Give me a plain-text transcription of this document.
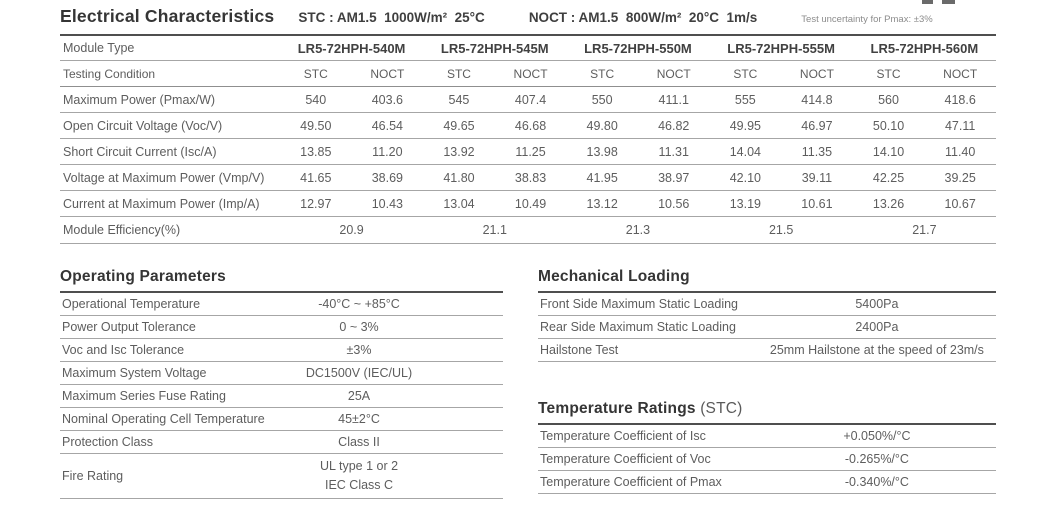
Electrical Characteristics STC : AM1.5  1000W/m²  25°C	NOCT : AM1.5  800W/m²  20°C  1m/s	Test uncertainty for Pmax: ±3%
Module Type	LR5-72HPH-540M		LR5-72HPH-545M		LR5-72HPH-550M		LR5-72HPH-555M		LR5-72HPH-560M	
Testing Condition	STC	NOCT	STC	NOCT	STC	NOCT	STC	NOCT	STC	NOCT
Maximum Power (Pmax/W)	540	403.6	545	407.4	550	411.1	555	414.8	560	418.6
Open Circuit Voltage (Voc/V)	49.50	46.54	49.65	46.68	49.80	46.82	49.95	46.97	50.10	47.11
Short Circuit Current (Isc/A)	13.85	11.20	13.92	11.25	13.98	11.31	14.04	11.35	14.10	11.40
Voltage at Maximum Power (Vmp/V)	41.65	38.69	41.80	38.83	41.95	38.97	42.10	39.11	42.25	39.25
Current at Maximum Power (Imp/A)	12.97	10.43	13.04	10.49	13.12	10.56	13.19	10.61	13.26	10.67
Module Efficiency(%)	20.9		21.1		21.3		21.5		21.7	
Operating Parameters
Operational Temperature	-40°C ~ +85°C
Power Output Tolerance	0 ~ 3%
Voc and Isc Tolerance	±3%
Maximum System Voltage	DC1500V (IEC/UL)
Maximum Series Fuse Rating	25A
Nominal Operating Cell Temperature	45±2°C
Protection Class	Class II
Fire Rating	UL type 1 or 2
IEC Class C
Mechanical Loading
Front Side Maximum Static Loading	5400Pa
Rear Side Maximum Static Loading	2400Pa
Hailstone Test	25mm Hailstone at the speed of 23m/s
Temperature Ratings (STC)
Temperature Coefficient of Isc	+0.050%/°C
Temperature Coefficient of Voc	-0.265%/°C
Temperature Coefficient of Pmax	-0.340%/°C
